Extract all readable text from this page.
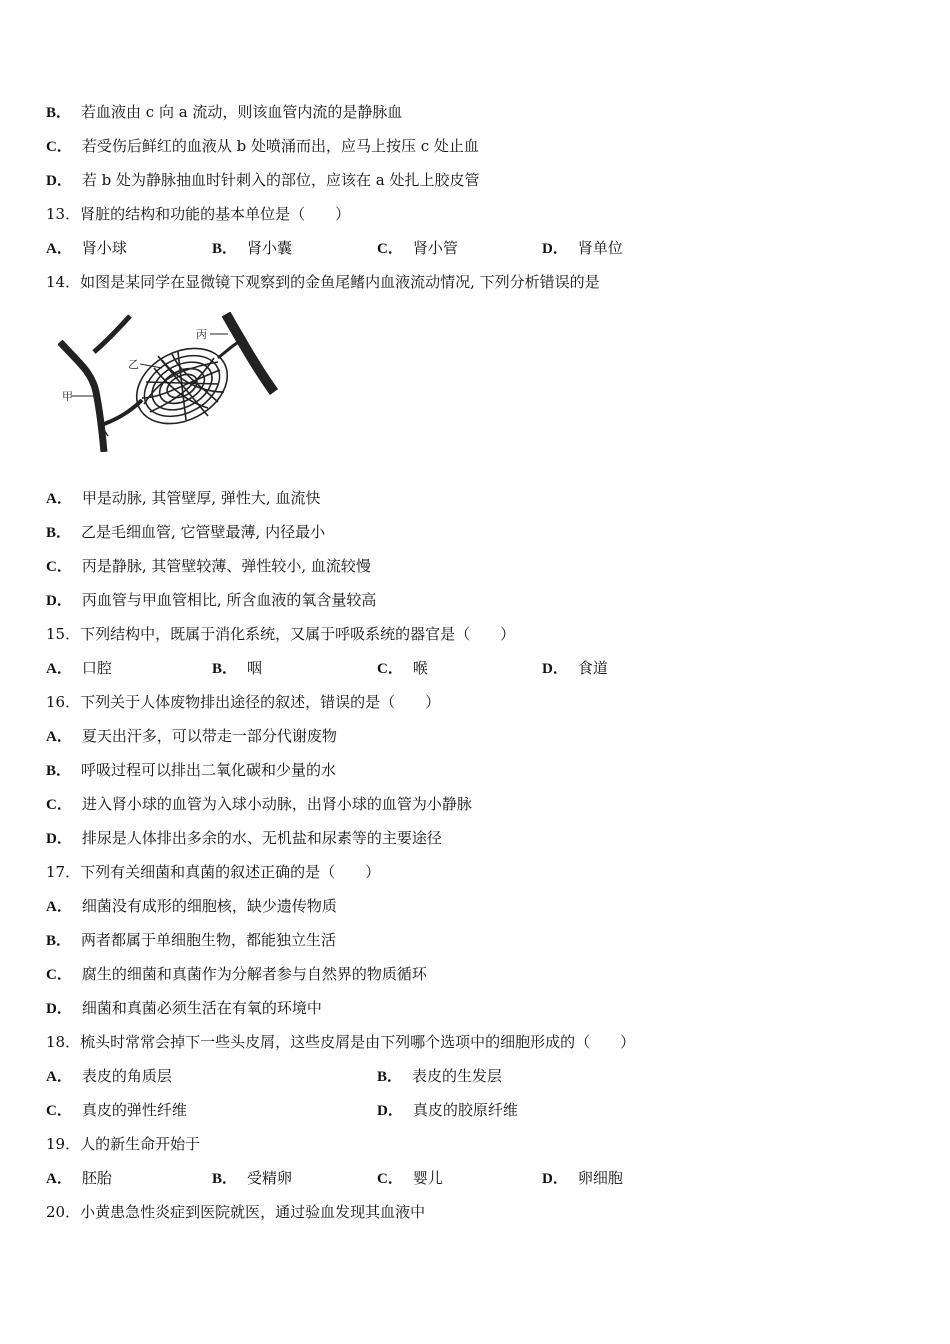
B． 若血液由 c 向 a 流动，则该血管内流的是静脉血
C． 若受伤后鲜红的血液从 b 处喷涌而出，应马上按压 c 处止血
D． 若 b 处为静脉抽血时针刺入的部位，应该在 a 处扎上胶皮管
13．肾脏的结构和功能的基本单位是（　　）
A． 肾小球	B． 肾小囊	C． 肾小管	D． 肾单位
14．如图是某同学在显微镜下观察到的金鱼尾鳍内血液流动情况, 下列分析错误的是
甲
乙
丙
A． 甲是动脉, 其管壁厚, 弹性大, 血流快
B． 乙是毛细血管, 它管壁最薄, 内径最小
C． 丙是静脉, 其管壁较薄、弹性较小, 血流较慢
D． 丙血管与甲血管相比, 所含血液的氧含量较高
15．下列结构中，既属于消化系统，又属于呼吸系统的器官是（　　）
A． 口腔	B． 咽	C． 喉	D． 食道
16．下列关于人体废物排出途径的叙述，错误的是（　　）
A． 夏天出汗多，可以带走一部分代谢废物
B． 呼吸过程可以排出二氧化碳和少量的水
C． 进入肾小球的血管为入球小动脉，出肾小球的血管为小静脉
D． 排尿是人体排出多余的水、无机盐和尿素等的主要途径
17．下列有关细菌和真菌的叙述正确的是（　　）
A． 细菌没有成形的细胞核，缺少遗传物质
B． 两者都属于单细胞生物，都能独立生活
C． 腐生的细菌和真菌作为分解者参与自然界的物质循环
D． 细菌和真菌必须生活在有氧的环境中
18．梳头时常常会掉下一些头皮屑，这些皮屑是由下列哪个选项中的细胞形成的（　　）
A． 表皮的角质层	B． 表皮的生发层
C． 真皮的弹性纤维	D． 真皮的胶原纤维
19．人的新生命开始于
A． 胚胎	B． 受精卵	C． 婴儿	D． 卵细胞
20．小黄患急性炎症到医院就医，通过验血发现其血液中
